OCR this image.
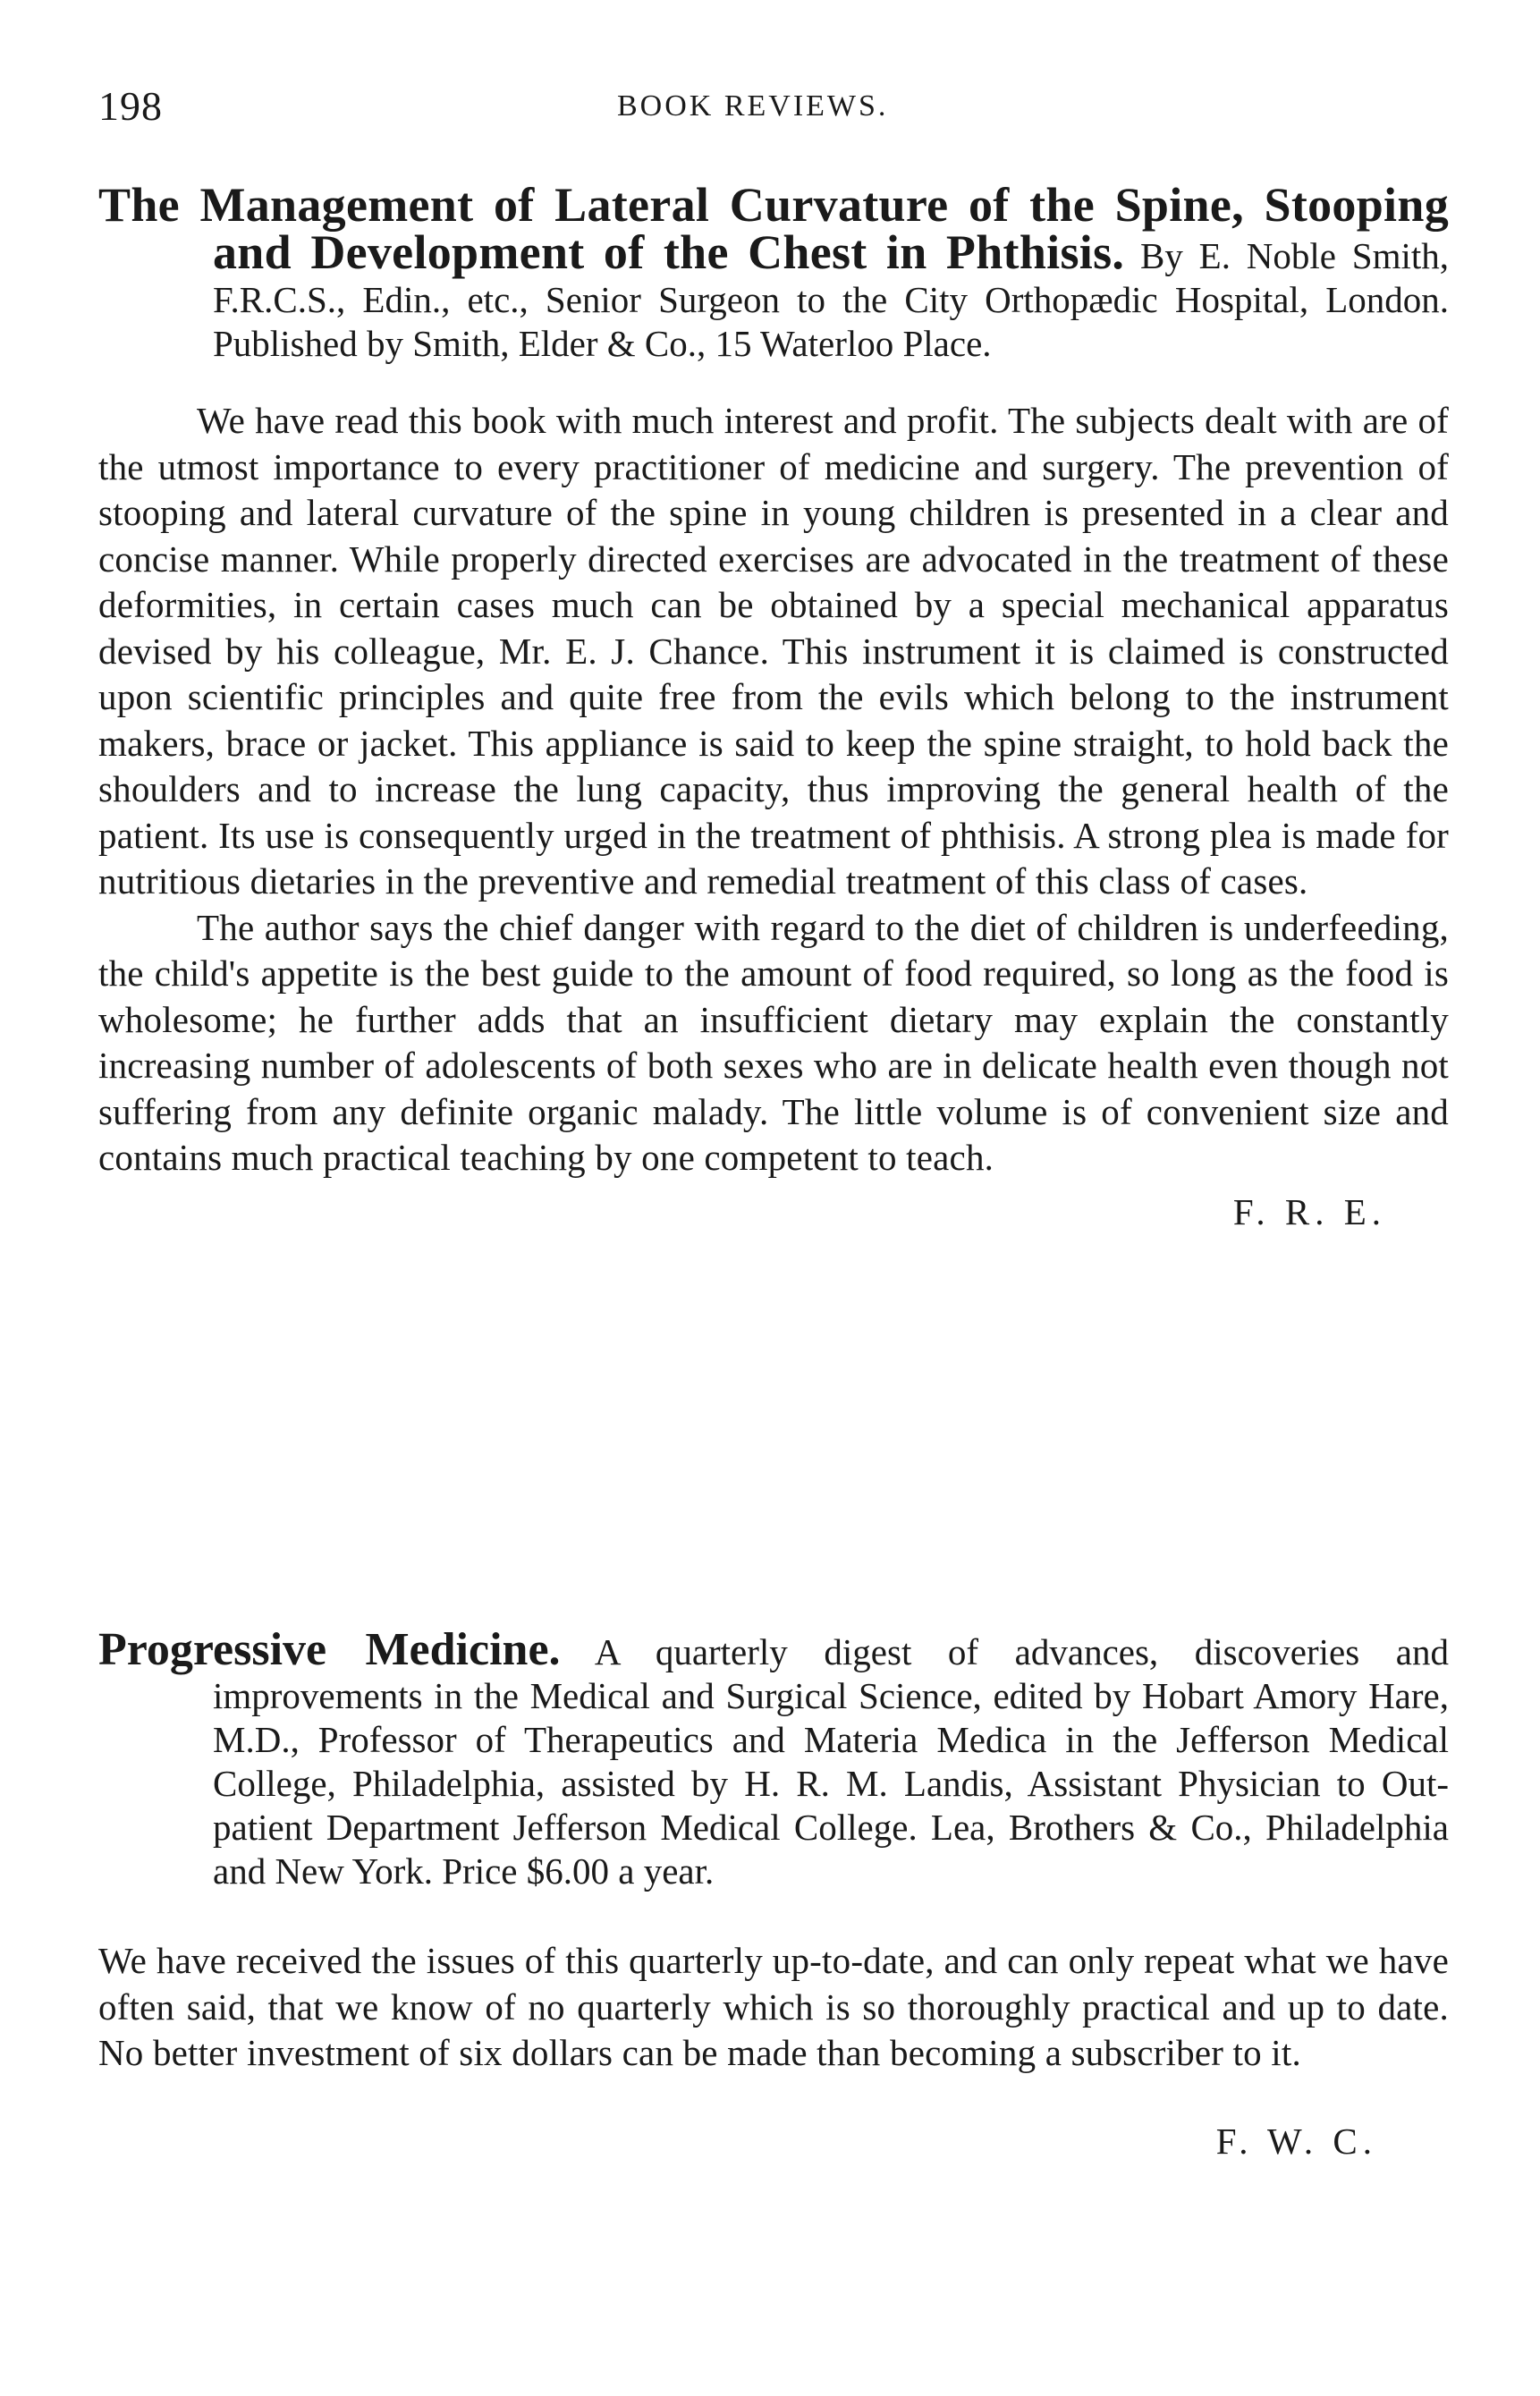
198	BOOK REVIEWS.

The Management of Lateral Curvature of the Spine, Stooping and Development of the Chest in Phthisis. By E. Noble Smith, F.R.C.S., Edin., etc., Senior Surgeon to the City Orthopædic Hospital, London. Published by Smith, Elder & Co., 15 Waterloo Place.

We have read this book with much interest and profit. The subjects dealt with are of the utmost importance to every practitioner of medicine and surgery. The prevention of stooping and lateral curvature of the spine in young children is presented in a clear and concise manner. While properly directed exercises are advocated in the treatment of these deformities, in certain cases much can be obtained by a special mechanical apparatus devised by his colleague, Mr. E. J. Chance. This instrument it is claimed is constructed upon scientific principles and quite free from the evils which belong to the instrument makers, brace or jacket. This appliance is said to keep the spine straight, to hold back the shoulders and to increase the lung capacity, thus improving the general health of the patient. Its use is consequently urged in the treatment of phthisis. A strong plea is made for nutritious dietaries in the preventive and remedial treatment of this class of cases.

The author says the chief danger with regard to the diet of children is underfeeding, the child's appetite is the best guide to the amount of food required, so long as the food is wholesome; he further adds that an insufficient dietary may explain the constantly increasing number of adolescents of both sexes who are in delicate health even though not suffering from any definite organic malady. The little volume is of convenient size and contains much practical teaching by one competent to teach.

F. R. E.

Progressive Medicine. A quarterly digest of advances, discoveries and improvements in the Medical and Surgical Science, edited by Hobart Amory Hare, M.D., Professor of Therapeutics and Materia Medica in the Jefferson Medical College, Philadelphia, assisted by H. R. M. Landis, Assistant Physician to Out-patient Department Jefferson Medical College. Lea, Brothers & Co., Philadelphia and New York. Price $6.00 a year.

We have received the issues of this quarterly up-to-date, and can only repeat what we have often said, that we know of no quarterly which is so thoroughly practical and up to date. No better investment of six dollars can be made than becoming a subscriber to it.

F. W. C.
